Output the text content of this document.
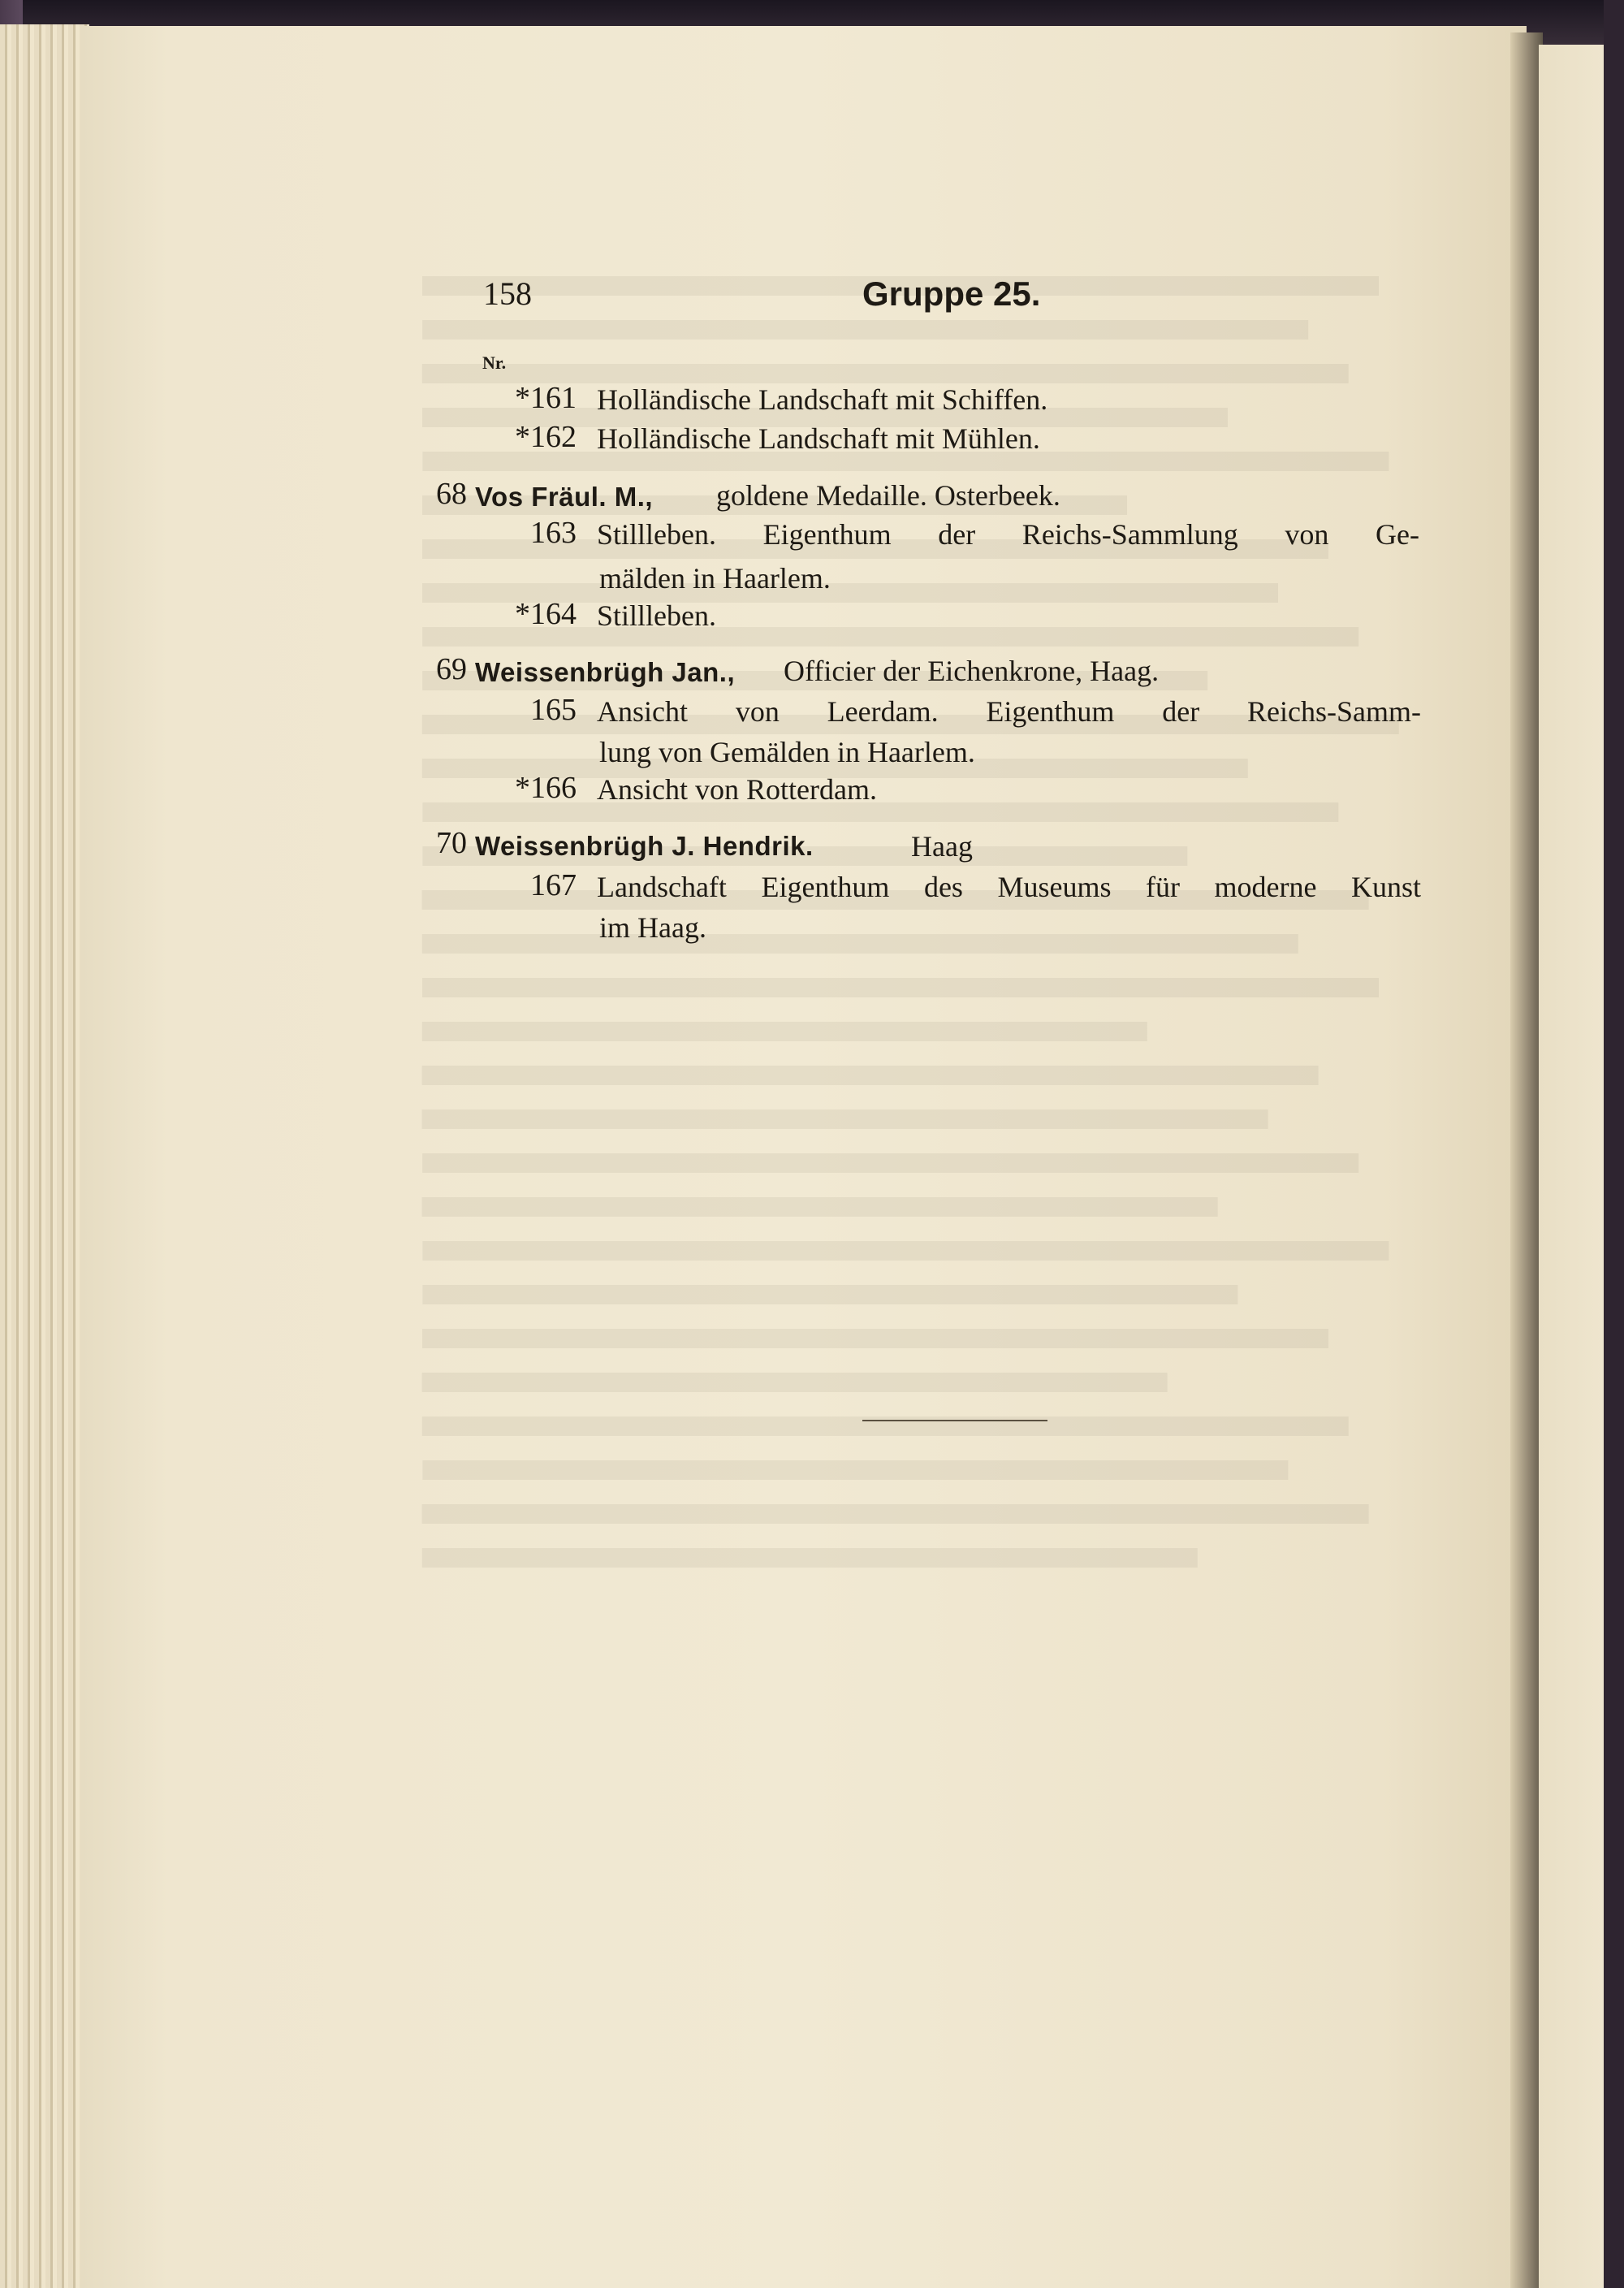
158	Gruppe 25.
Nr.
*161 Holländische Landschaft mit Schiffen.
*162 Holländische Landschaft mit Mühlen.
68 Vos Fräul. M., goldene Medaille. Osterbeek.
163 Stillleben. Eigenthum der Reichs-Sammlung von Ge-
mälden in Haarlem.
*164 Stillleben.
69 Weissenbrügh Jan., Officier der Eichenkrone, Haag.
165 Ansicht von Leerdam. Eigenthum der Reichs-Samm-
lung von Gemälden in Haarlem.
*166 Ansicht von Rotterdam.
70 Weissenbrügh J. Hendrik.	Haag
167 Landschaft Eigenthum des Museums für moderne Kunst
im Haag.
